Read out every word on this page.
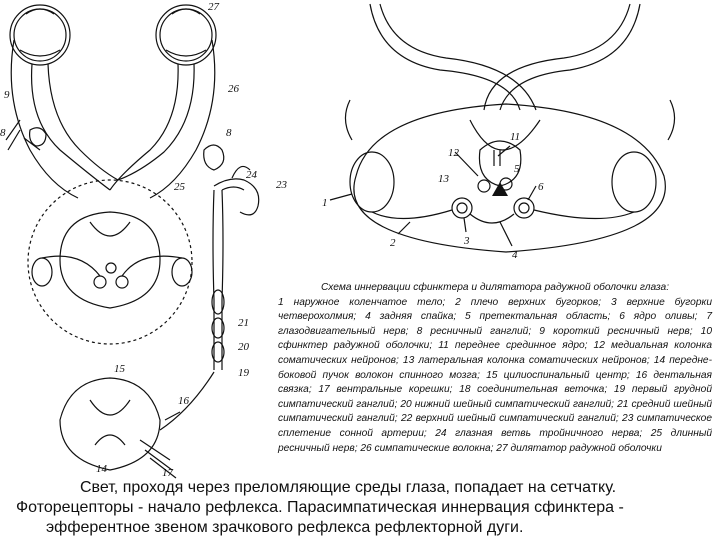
27
9	26
8	8
25
24
23
21
20
19
15
16
14	17
1
2	3
4
11
12
13
5
6
Схема иннервации сфинктера и дилятатора радужной оболочки глаза:
1 наружное коленчатое тело; 2 плечо верхних бугорков; 3 верхние бугорки четверохолмия; 4 задняя спайка; 5 претектальная область; 6 ядро оливы; 7 глазодвигательный нерв; 8 ресничный ганглий; 9 короткий ресничный нерв; 10 сфинктер радужной оболочки; 11 переднее срединное ядро; 12 медиальная колонка соматических нейронов; 13 латеральная колонка соматических нейронов; 14 передне-боковой пучок волокон спинного мозга; 15 цилиоспинальный центр; 16 дентальная связка; 17 вентральные корешки; 18 соединительная веточка; 19 первый грудной симпатический ганглий; 20 нижний шейный симпатический ганглий; 21 средний шейный симпатический ганглий; 22 верхний шейный симпатический ганглий; 23 симпатическое сплетение сонной артерии; 24 глазная ветвь тройничного нерва; 25 длинный ресничный нерв; 26 симпатические волокна; 27 дилятатор радужной оболочки
Свет, проходя через преломляющие среды глаза, попадает на сетчатку.
Фоторецепторы - начало рефлекса. Парасимпатическая иннервация сфинктера -
эфферентное звеном зрачкового рефлекса рефлекторной дуги.
